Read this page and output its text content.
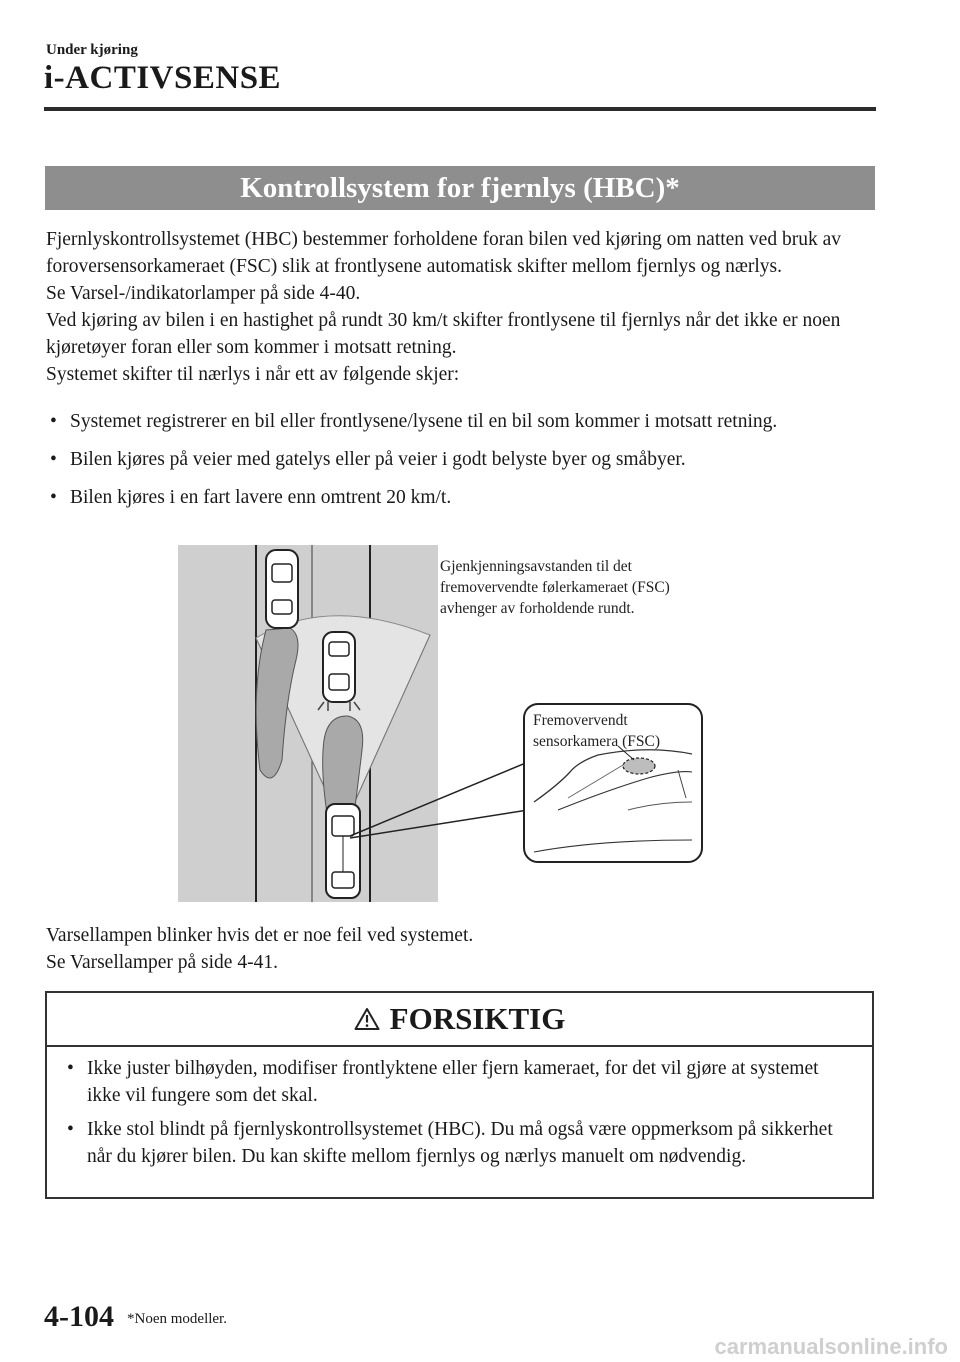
Under kjøring
i-ACTIVSENSE
Kontrollsystem for fjernlys (HBC)*

Fjernlyskontrollsystemet (HBC) bestemmer forholdene foran bilen ved kjøring om natten ved bruk av foroversensorkameraet (FSC) slik at frontlysene automatisk skifter mellom fjernlys og nærlys.

Se Varsel-/indikatorlamper på side 4-40.

Ved kjøring av bilen i en hastighet på rundt 30 km/t skifter frontlysene til fjernlys når det ikke er noen kjøretøyer foran eller som kommer i motsatt retning.

Systemet skifter til nærlys i når ett av følgende skjer:

• Systemet registrerer en bil eller frontlysene/lysene til en bil som kommer i motsatt retning.
• Bilen kjøres på veier med gatelys eller på veier i godt belyste byer og småbyer.
• Bilen kjøres i en fart lavere enn omtrent 20 km/t.
Gjenkjenningsavstanden til det
fremovervendte følerkameraet (FSC)
avhenger av forholdende rundt.
Fremovervendt
sensorkamera (FSC)

Varsellampen blinker hvis det er noe feil ved systemet.

Se Varsellamper på side 4-41.

FORSIKTIG
• Ikke juster bilhøyden, modifiser frontlyktene eller fjern kameraet, for det vil gjøre at systemet ikke vil fungere som det skal.
• Ikke stol blindt på fjernlyskontrollsystemet (HBC). Du må også være oppmerksom på sikkerhet når du kjører bilen. Du kan skifte mellom fjernlys og nærlys manuelt om nødvendig.
4-104 *Noen modeller.
carmanualsonline.info
